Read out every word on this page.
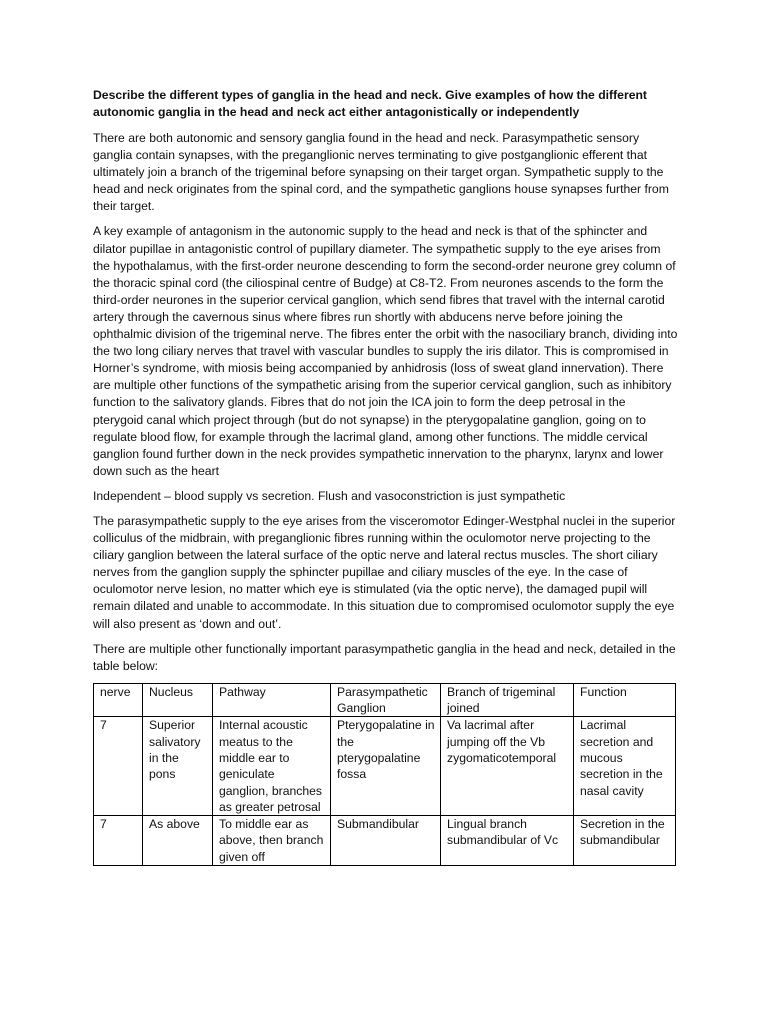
Describe the different types of ganglia in the head and neck. Give examples of how the different autonomic ganglia in the head and neck act either antagonistically or independently

There are both autonomic and sensory ganglia found in the head and neck. Parasympathetic sensory ganglia contain synapses, with the preganglionic nerves terminating to give postganglionic efferent that ultimately join a branch of the trigeminal before synapsing on their target organ. Sympathetic supply to the head and neck originates from the spinal cord, and the sympathetic ganglions house synapses further from their target.

A key example of antagonism in the autonomic supply to the head and neck is that of the sphincter and dilator pupillae in antagonistic control of pupillary diameter. The sympathetic supply to the eye arises from the hypothalamus, with the first-order neurone descending to form the second-order neurone grey column of the thoracic spinal cord (the ciliospinal centre of Budge) at C8-T2. From neurones ascends to the form the third-order neurones in the superior cervical ganglion, which send fibres that travel with the internal carotid artery through the cavernous sinus where fibres run shortly with abducens nerve before joining the ophthalmic division of the trigeminal nerve. The fibres enter the orbit with the nasociliary branch, dividing into the two long ciliary nerves that travel with vascular bundles to supply the iris dilator. This is compromised in Horner’s syndrome, with miosis being accompanied by anhidrosis (loss of sweat gland innervation). There are multiple other functions of the sympathetic arising from the superior cervical ganglion, such as inhibitory function to the salivatory glands. Fibres that do not join the ICA join to form the deep petrosal in the pterygoid canal which project through (but do not synapse) in the pterygopalatine ganglion, going on to regulate blood flow, for example through the lacrimal gland, among other functions. The middle cervical ganglion found further down in the neck provides sympathetic innervation to the pharynx, larynx and lower down such as the heart

Independent – blood supply vs secretion. Flush and vasoconstriction is just sympathetic

The parasympathetic supply to the eye arises from the visceromotor Edinger-Westphal nuclei in the superior colliculus of the midbrain, with preganglionic fibres running within the oculomotor nerve projecting to the ciliary ganglion between the lateral surface of the optic nerve and lateral rectus muscles. The short ciliary nerves from the ganglion supply the sphincter pupillae and ciliary muscles of the eye. In the case of oculomotor nerve lesion, no matter which eye is stimulated (via the optic nerve), the damaged pupil will remain dilated and unable to accommodate. In this situation due to compromised oculomotor supply the eye will also present as ‘down and out’.

There are multiple other functionally important parasympathetic ganglia in the head and neck, detailed in the table below:

nerve	Nucleus	Pathway	Parasympathetic Ganglion	Branch of trigeminal joined	Function
7	Superior salivatory in the pons	Internal acoustic meatus to the middle ear to geniculate ganglion, branches as greater petrosal	Pterygopalatine in the pterygopalatine fossa	Va lacrimal after jumping off the Vb zygomaticotemporal	Lacrimal secretion and mucous secretion in the nasal cavity
7	As above	To middle ear as above, then branch given off	Submandibular	Lingual branch submandibular of Vc	Secretion in the submandibular
